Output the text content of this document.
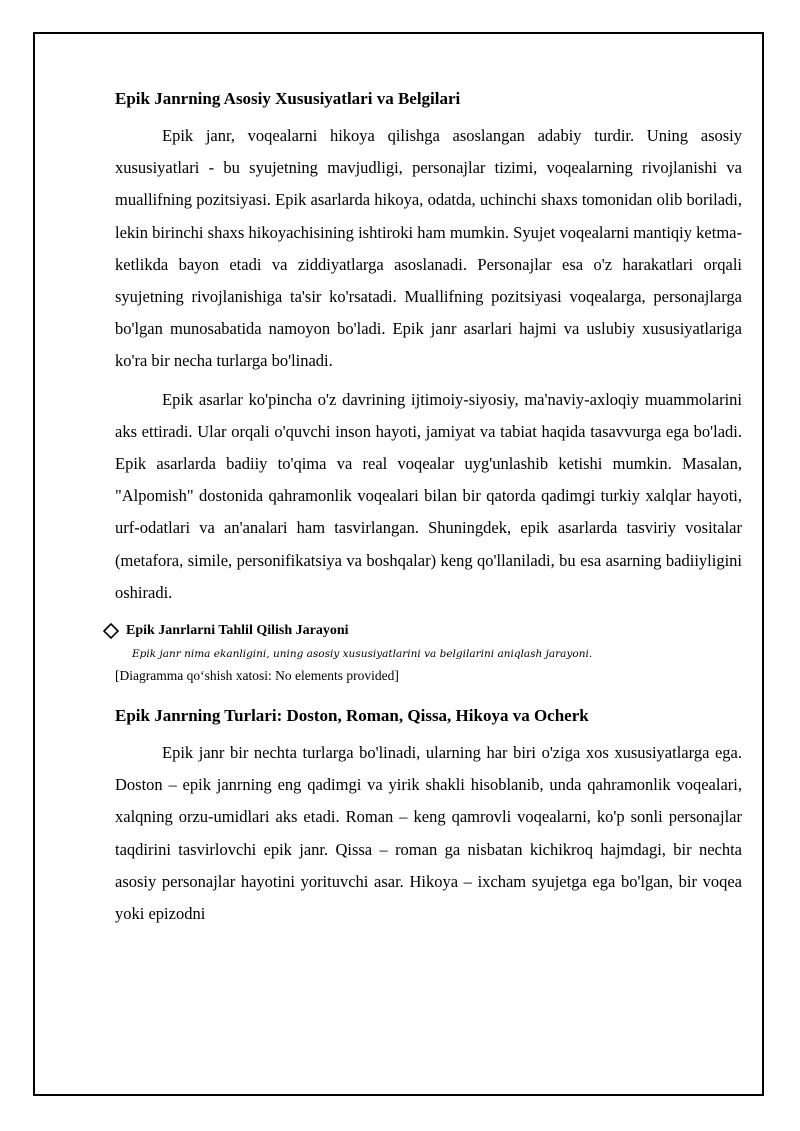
Epik Janrning Asosiy Xususiyatlari va Belgilari

Epik janr, voqealarni hikoya qilishga asoslangan adabiy turdir. Uning asosiy xususiyatlari - bu syujetning mavjudligi, personajlar tizimi, voqealarning rivojlanishi va muallifning pozitsiyasi. Epik asarlarda hikoya, odatda, uchinchi shaxs tomonidan olib boriladi, lekin birinchi shaxs hikoyachisining ishtiroki ham mumkin. Syujet voqealarni mantiqiy ketma-ketlikda bayon etadi va ziddiyatlarga asoslanadi. Personajlar esa o'z harakatlari orqali syujetning rivojlanishiga ta'sir ko'rsatadi. Muallifning pozitsiyasi voqealarga, personajlarga bo'lgan munosabatida namoyon bo'ladi. Epik janr asarlari hajmi va uslubiy xususiyatlariga ko'ra bir necha turlarga bo'linadi.

Epik asarlar ko'pincha o'z davrining ijtimoiy-siyosiy, ma'naviy-axloqiy muammolarini aks ettiradi. Ular orqali o'quvchi inson hayoti, jamiyat va tabiat haqida tasavvurga ega bo'ladi. Epik asarlarda badiiy to'qima va real voqealar uyg'unlashib ketishi mumkin. Masalan, "Alpomish" dostonida qahramonlik voqealari bilan bir qatorda qadimgi turkiy xalqlar hayoti, urf-odatlari va an'analari ham tasvirlangan. Shuningdek, epik asarlarda tasviriy vositalar (metafora, simile, personifikatsiya va boshqalar) keng qo'llaniladi, bu esa asarning badiiyligini oshiradi.

Epik Janrlarni Tahlil Qilish Jarayoni

Epik janr nima ekanligini, uning asosiy xususiyatlarini va belgilarini aniqlash jarayoni.

[Diagramma qo‘shish xatosi: No elements provided]

Epik Janrning Turlari: Doston, Roman, Qissa, Hikoya va Ocherk

Epik janr bir nechta turlarga bo'linadi, ularning har biri o'ziga xos xususiyatlarga ega. Doston – epik janrning eng qadimgi va yirik shakli hisoblanib, unda qahramonlik voqealari, xalqning orzu-umidlari aks etadi. Roman – keng qamrovli voqealarni, ko'p sonli personajlar taqdirini tasvirlovchi epik janr. Qissa – roman ga nisbatan kichikroq hajmdagi, bir nechta asosiy personajlar hayotini yorituvchi asar. Hikoya – ixcham syujetga ega bo'lgan, bir voqea yoki epizodni
